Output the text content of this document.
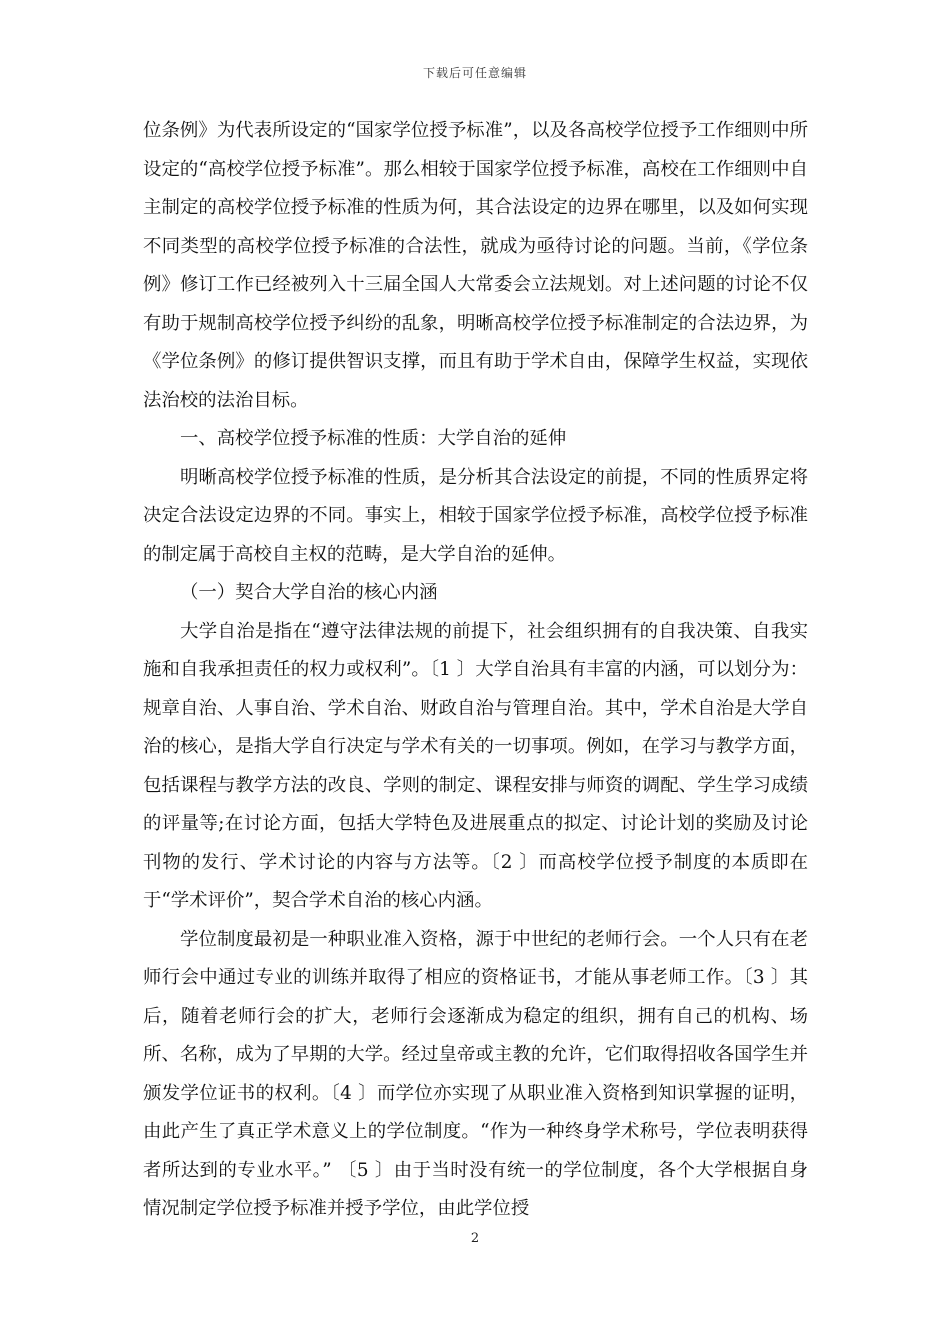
下载后可任意编辑

位条例》为代表所设定的“国家学位授予标准”，以及各高校学位授予工作细则中所设定的“高校学位授予标准”。那么相较于国家学位授予标准，高校在工作细则中自主制定的高校学位授予标准的性质为何，其合法设定的边界在哪里，以及如何实现不同类型的高校学位授予标准的合法性，就成为亟待讨论的问题。当前，《学位条例》修订工作已经被列入十三届全国人大常委会立法规划。对上述问题的讨论不仅有助于规制高校学位授予纠纷的乱象，明晰高校学位授予标准制定的合法边界，为《学位条例》的修订提供智识支撑，而且有助于学术自由，保障学生权益，实现依法治校的法治目标。

一、高校学位授予标准的性质：大学自治的延伸

明晰高校学位授予标准的性质，是分析其合法设定的前提，不同的性质界定将决定合法设定边界的不同。事实上，相较于国家学位授予标准，高校学位授予标准的制定属于高校自主权的范畴，是大学自治的延伸。

（一）契合大学自治的核心内涵

大学自治是指在“遵守法律法规的前提下，社会组织拥有的自我决策、自我实施和自我承担责任的权力或权利”。〔1 〕大学自治具有丰富的内涵，可以划分为：规章自治、人事自治、学术自治、财政自治与管理自治。其中，学术自治是大学自治的核心，是指大学自行决定与学术有关的一切事项。例如，在学习与教学方面，包括课程与教学方法的改良、学则的制定、课程安排与师资的调配、学生学习成绩的评量等;在讨论方面，包括大学特色及进展重点的拟定、讨论计划的奖励及讨论刊物的发行、学术讨论的内容与方法等。〔2 〕而高校学位授予制度的本质即在于“学术评价”，契合学术自治的核心内涵。

学位制度最初是一种职业准入资格，源于中世纪的老师行会。一个人只有在老师行会中通过专业的训练并取得了相应的资格证书，才能从事老师工作。〔3 〕其后，随着老师行会的扩大，老师行会逐渐成为稳定的组织，拥有自己的机构、场所、名称，成为了早期的大学。经过皇帝或主教的允许，它们取得招收各国学生并颁发学位证书的权利。〔4 〕而学位亦实现了从职业准入资格到知识掌握的证明，由此产生了真正学术意义上的学位制度。“作为一种终身学术称号，学位表明获得者所达到的专业水平。” 〔5 〕由于当时没有统一的学位制度，各个大学根据自身情况制定学位授予标准并授予学位，由此学位授

2
